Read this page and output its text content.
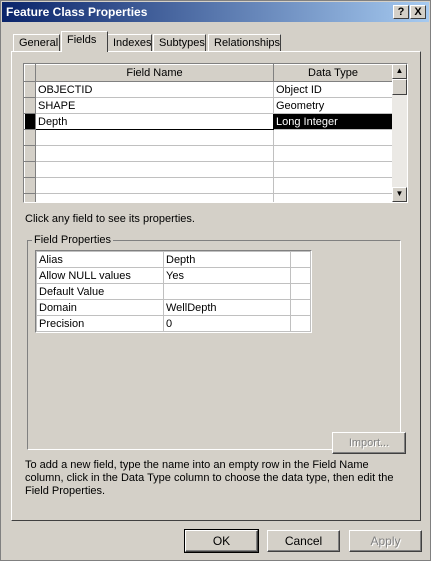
Feature Class Properties	? X
General Fields	Indexes Subtypes Relationships
	Field Name	Data Type
	OBJECTID	Object ID
	SHAPE	Geometry
	Depth	Long Integer

▲
▼
Click any field to see its properties.
Field Properties
Alias	Depth	
Allow NULL values	Yes	
Default Value		
Domain	WellDepth	
Precision	0	
Import...
To add a new field, type the name into an empty row in the Field Name column, click in the Data Type column to choose the data type, then edit the Field Properties.
OK	Cancel	Apply
